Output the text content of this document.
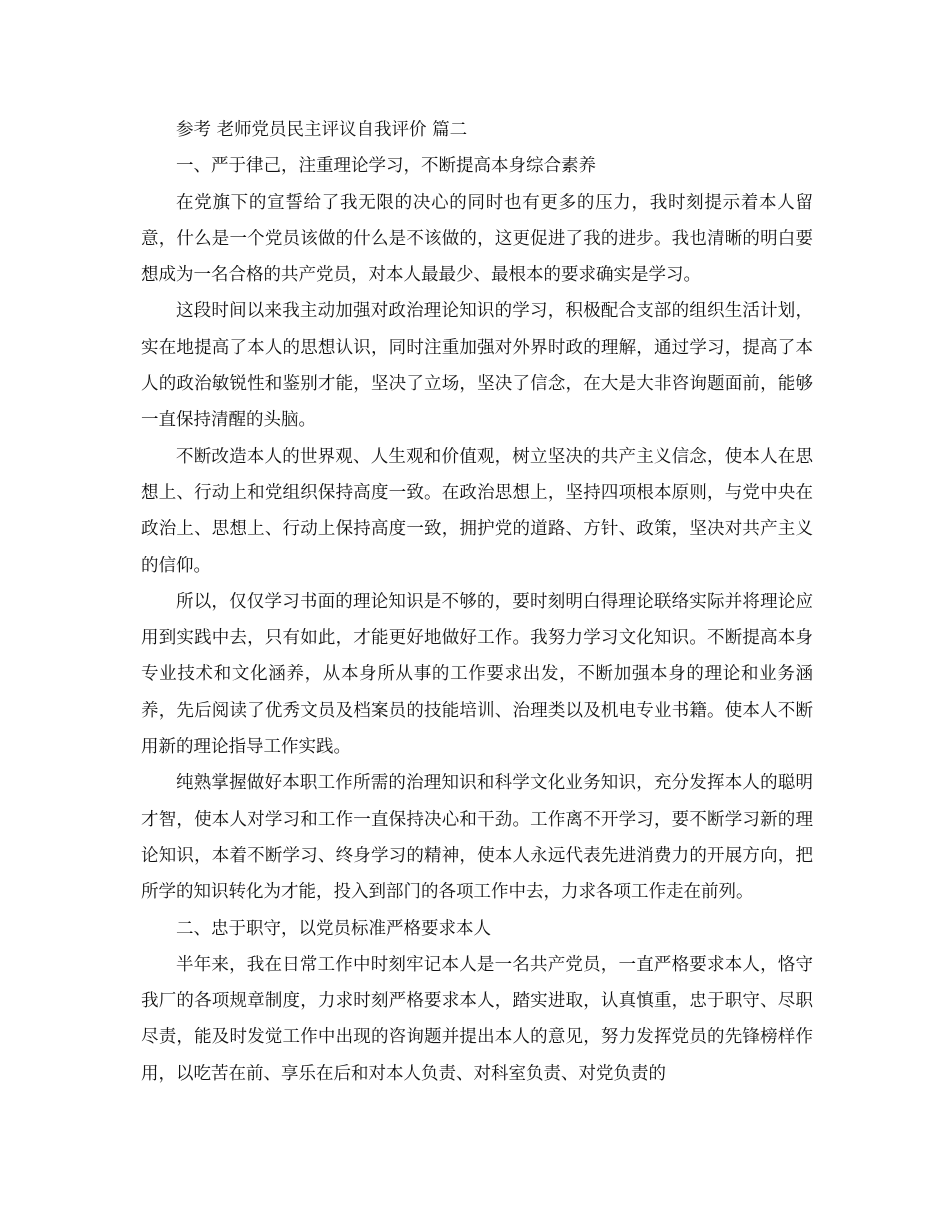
参考 老师党员民主评议自我评价 篇二

一、严于律己，注重理论学习，不断提高本身综合素养

在党旗下的宣誓给了我无限的决心的同时也有更多的压力，我时刻提示着本人留意，什么是一个党员该做的什么是不该做的，这更促进了我的进步。我也清晰的明白要想成为一名合格的共产党员，对本人最最少、最根本的要求确实是学习。

这段时间以来我主动加强对政治理论知识的学习，积极配合支部的组织生活计划，实在地提高了本人的思想认识，同时注重加强对外界时政的理解，通过学习，提高了本人的政治敏锐性和鉴别才能，坚决了立场，坚决了信念，在大是大非咨询题面前，能够一直保持清醒的头脑。

不断改造本人的世界观、人生观和价值观，树立坚决的共产主义信念，使本人在思想上、行动上和党组织保持高度一致。在政治思想上，坚持四项根本原则，与党中央在政治上、思想上、行动上保持高度一致，拥护党的道路、方针、政策，坚决对共产主义的信仰。

所以，仅仅学习书面的理论知识是不够的，要时刻明白得理论联络实际并将理论应用到实践中去，只有如此，才能更好地做好工作。我努力学习文化知识。不断提高本身专业技术和文化涵养，从本身所从事的工作要求出发，不断加强本身的理论和业务涵养，先后阅读了优秀文员及档案员的技能培训、治理类以及机电专业书籍。使本人不断用新的理论指导工作实践。

纯熟掌握做好本职工作所需的治理知识和科学文化业务知识，充分发挥本人的聪明才智，使本人对学习和工作一直保持决心和干劲。工作离不开学习，要不断学习新的理论知识，本着不断学习、终身学习的精神，使本人永远代表先进消费力的开展方向，把所学的知识转化为才能，投入到部门的各项工作中去，力求各项工作走在前列。

二、忠于职守，以党员标准严格要求本人

半年来，我在日常工作中时刻牢记本人是一名共产党员，一直严格要求本人，恪守我厂的各项规章制度，力求时刻严格要求本人，踏实进取，认真慎重，忠于职守、尽职尽责，能及时发觉工作中出现的咨询题并提出本人的意见，努力发挥党员的先锋榜样作用，以吃苦在前、享乐在后和对本人负责、对科室负责、对党负责的
